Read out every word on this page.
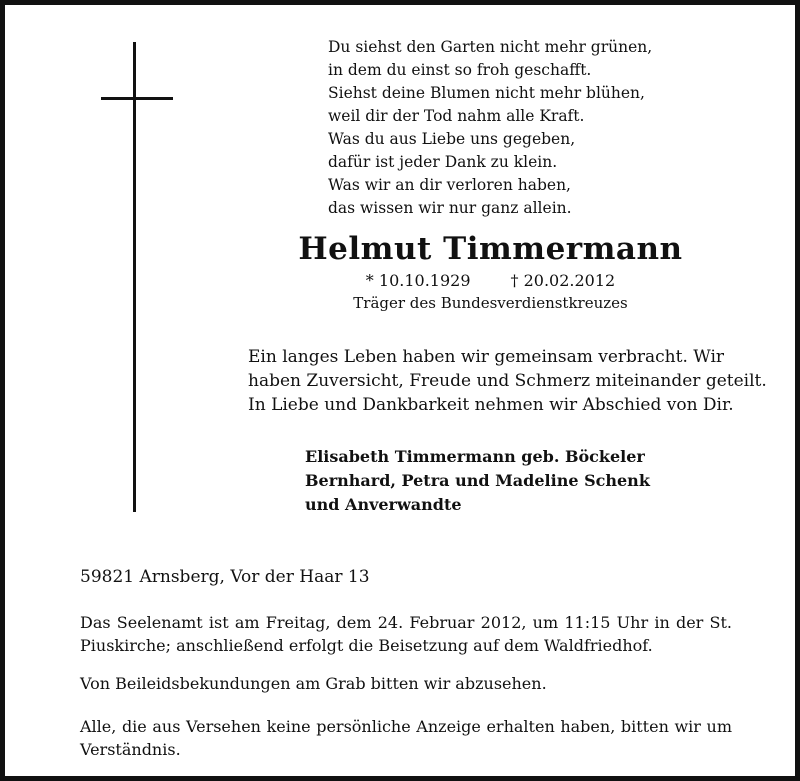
Du siehst den Garten nicht mehr grünen,
in dem du einst so froh geschafft.
Siehst deine Blumen nicht mehr blühen,
weil dir der Tod nahm alle Kraft.
Was du aus Liebe uns gegeben,
dafür ist jeder Dank zu klein.
Was wir an dir verloren haben,
das wissen wir nur ganz allein.
Helmut Timmermann
* 10.10.1929	† 20.02.2012
Träger des Bundesverdienstkreuzes
Ein langes Leben haben wir gemeinsam verbracht. Wir
haben Zuversicht, Freude und Schmerz miteinander geteilt.
In Liebe und Dankbarkeit nehmen wir Abschied von Dir.
Elisabeth Timmermann geb. Böckeler
Bernhard, Petra und Madeline Schenk
und Anverwandte
59821 Arnsberg, Vor der Haar 13
Das Seelenamt ist am Freitag, dem 24. Februar 2012, um 11:15 Uhr in der St. Piuskirche; anschließend erfolgt die Beisetzung auf dem Waldfriedhof.
Von Beileidsbekundungen am Grab bitten wir abzusehen.
Alle, die aus Versehen keine persönliche Anzeige erhalten haben, bitten wir um Verständnis.
